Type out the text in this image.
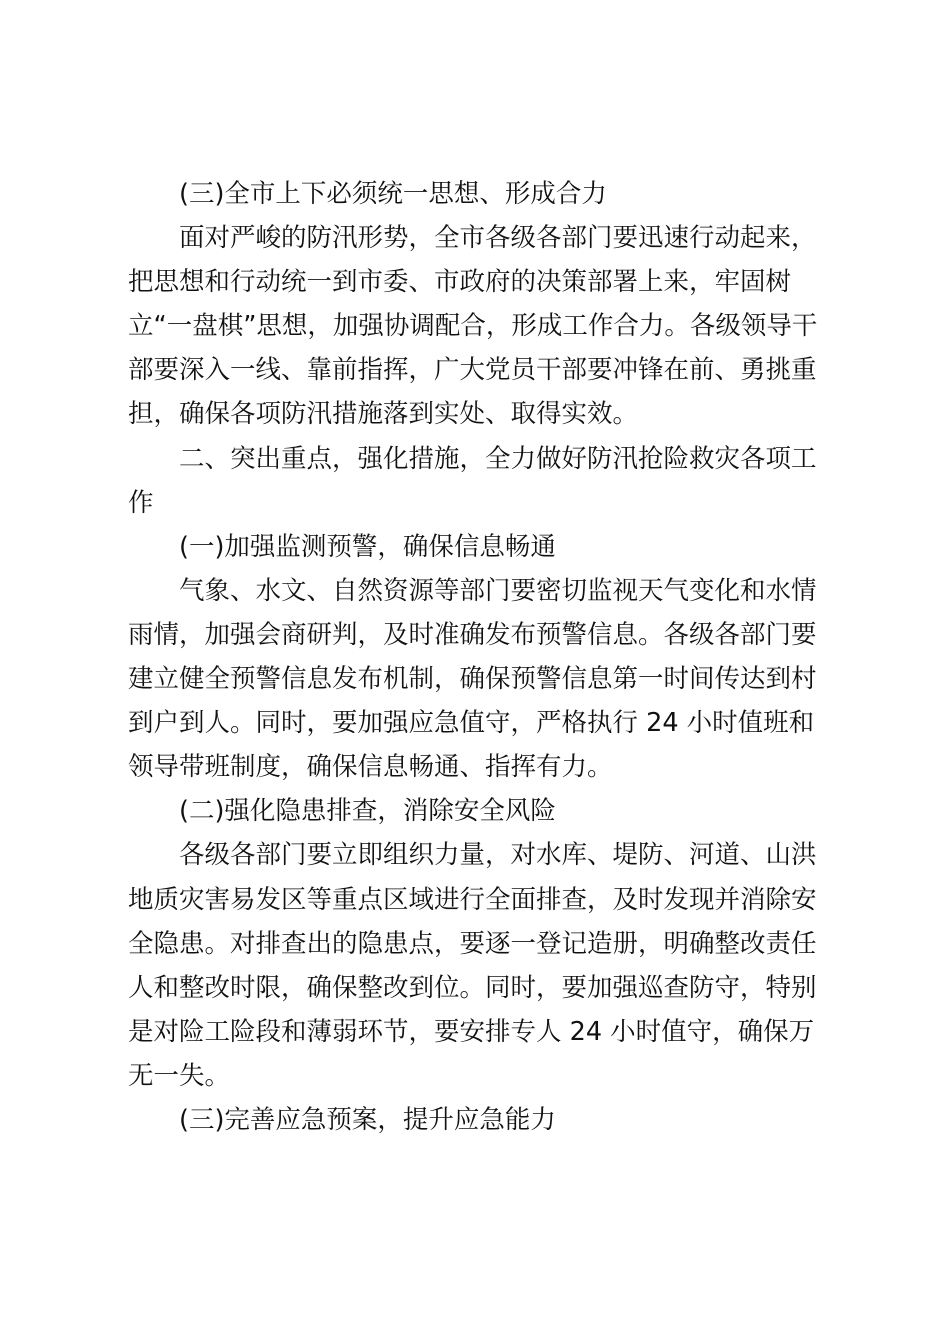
(三)全市上下必须统一思想、形成合力
面对严峻的防汛形势，全市各级各部门要迅速行动起来，
把思想和行动统一到市委、市政府的决策部署上来，牢固树
立“一盘棋”思想，加强协调配合，形成工作合力。各级领导干
部要深入一线、靠前指挥，广大党员干部要冲锋在前、勇挑重
担，确保各项防汛措施落到实处、取得实效。
二、突出重点，强化措施，全力做好防汛抢险救灾各项工
作
(一)加强监测预警，确保信息畅通
气象、水文、自然资源等部门要密切监视天气变化和水情
雨情，加强会商研判，及时准确发布预警信息。各级各部门要
建立健全预警信息发布机制，确保预警信息第一时间传达到村
到户到人。同时，要加强应急值守，严格执行 24 小时值班和
领导带班制度，确保信息畅通、指挥有力。
(二)强化隐患排查，消除安全风险
各级各部门要立即组织力量，对水库、堤防、河道、山洪
地质灾害易发区等重点区域进行全面排查，及时发现并消除安
全隐患。对排查出的隐患点，要逐一登记造册，明确整改责任
人和整改时限，确保整改到位。同时，要加强巡查防守，特别
是对险工险段和薄弱环节，要安排专人 24 小时值守，确保万
无一失。
(三)完善应急预案，提升应急能力
